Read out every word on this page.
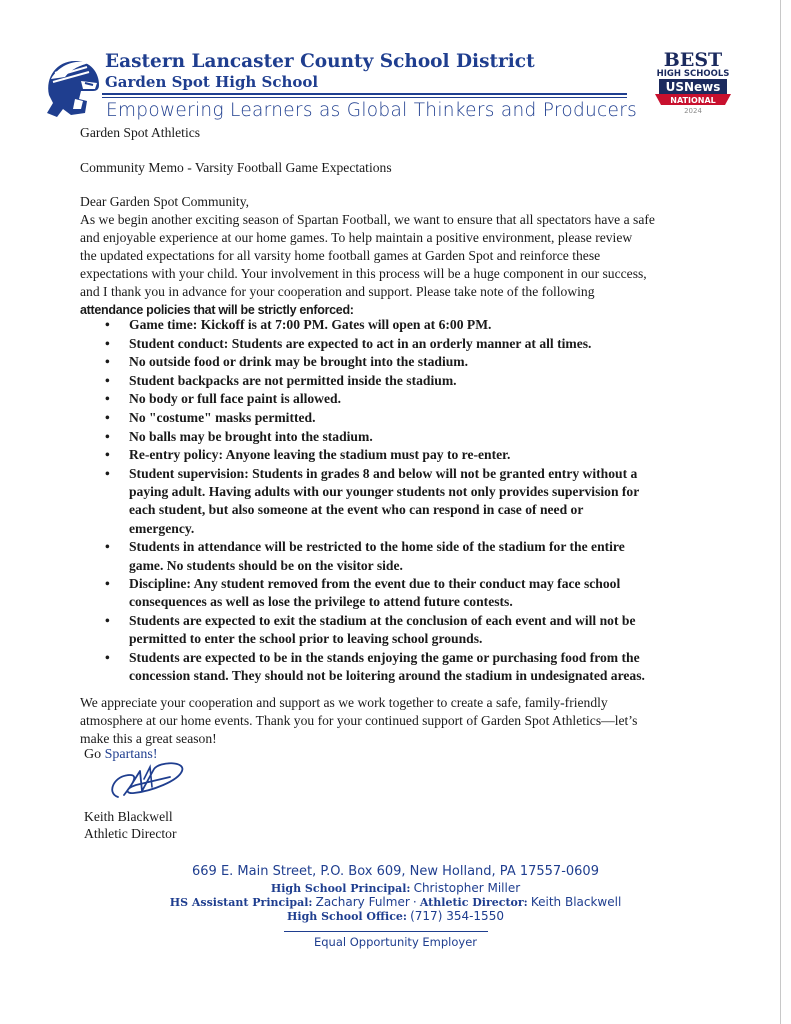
Eastern Lancaster County School District
Garden Spot High School
Empowering Learners as Global Thinkers and Producers
BEST
HIGH SCHOOLS
USNews
NATIONAL
2024
Garden Spot Athletics
Community Memo - Varsity Football Game Expectations
Dear Garden Spot Community,
As we begin another exciting season of Spartan Football, we want to ensure that all spectators have a safe
and enjoyable experience at our home games. To help maintain a positive environment, please review
the updated expectations for all varsity home football games at Garden Spot and reinforce these
expectations with your child. Your involvement in this process will be a huge component in our success,
and I thank you in advance for your cooperation and support. Please take note of the following
attendance policies that will be strictly enforced:
• Game time: Kickoff is at 7:00 PM. Gates will open at 6:00 PM.
• Student conduct: Students are expected to act in an orderly manner at all times.
• No outside food or drink may be brought into the stadium.
• Student backpacks are not permitted inside the stadium.
• No body or full face paint is allowed.
• No "costume" masks permitted.
• No balls may be brought into the stadium.
• Re-entry policy: Anyone leaving the stadium must pay to re-enter.
• Student supervision: Students in grades 8 and below will not be granted entry without a
paying adult. Having adults with our younger students not only provides supervision for
each student, but also someone at the event who can respond in case of need or
emergency.
• Students in attendance will be restricted to the home side of the stadium for the entire
game. No students should be on the visitor side.
• Discipline: Any student removed from the event due to their conduct may face school
consequences as well as lose the privilege to attend future contests.
• Students are expected to exit the stadium at the conclusion of each event and will not be
permitted to enter the school prior to leaving school grounds.
• Students are expected to be in the stands enjoying the game or purchasing food from the
concession stand. They should not be loitering around the stadium in undesignated areas.
We appreciate your cooperation and support as we work together to create a safe, family-friendly
atmosphere at our home events. Thank you for your continued support of Garden Spot Athletics—let’s
make this a great season!
Go Spartans!
Keith Blackwell
Athletic Director
669 E. Main Street, P.O. Box 609, New Holland, PA 17557-0609
High School Principal: Christopher Miller
HS Assistant Principal: Zachary Fulmer · Athletic Director: Keith Blackwell
High School Office: (717) 354-1550
Equal Opportunity Employer
